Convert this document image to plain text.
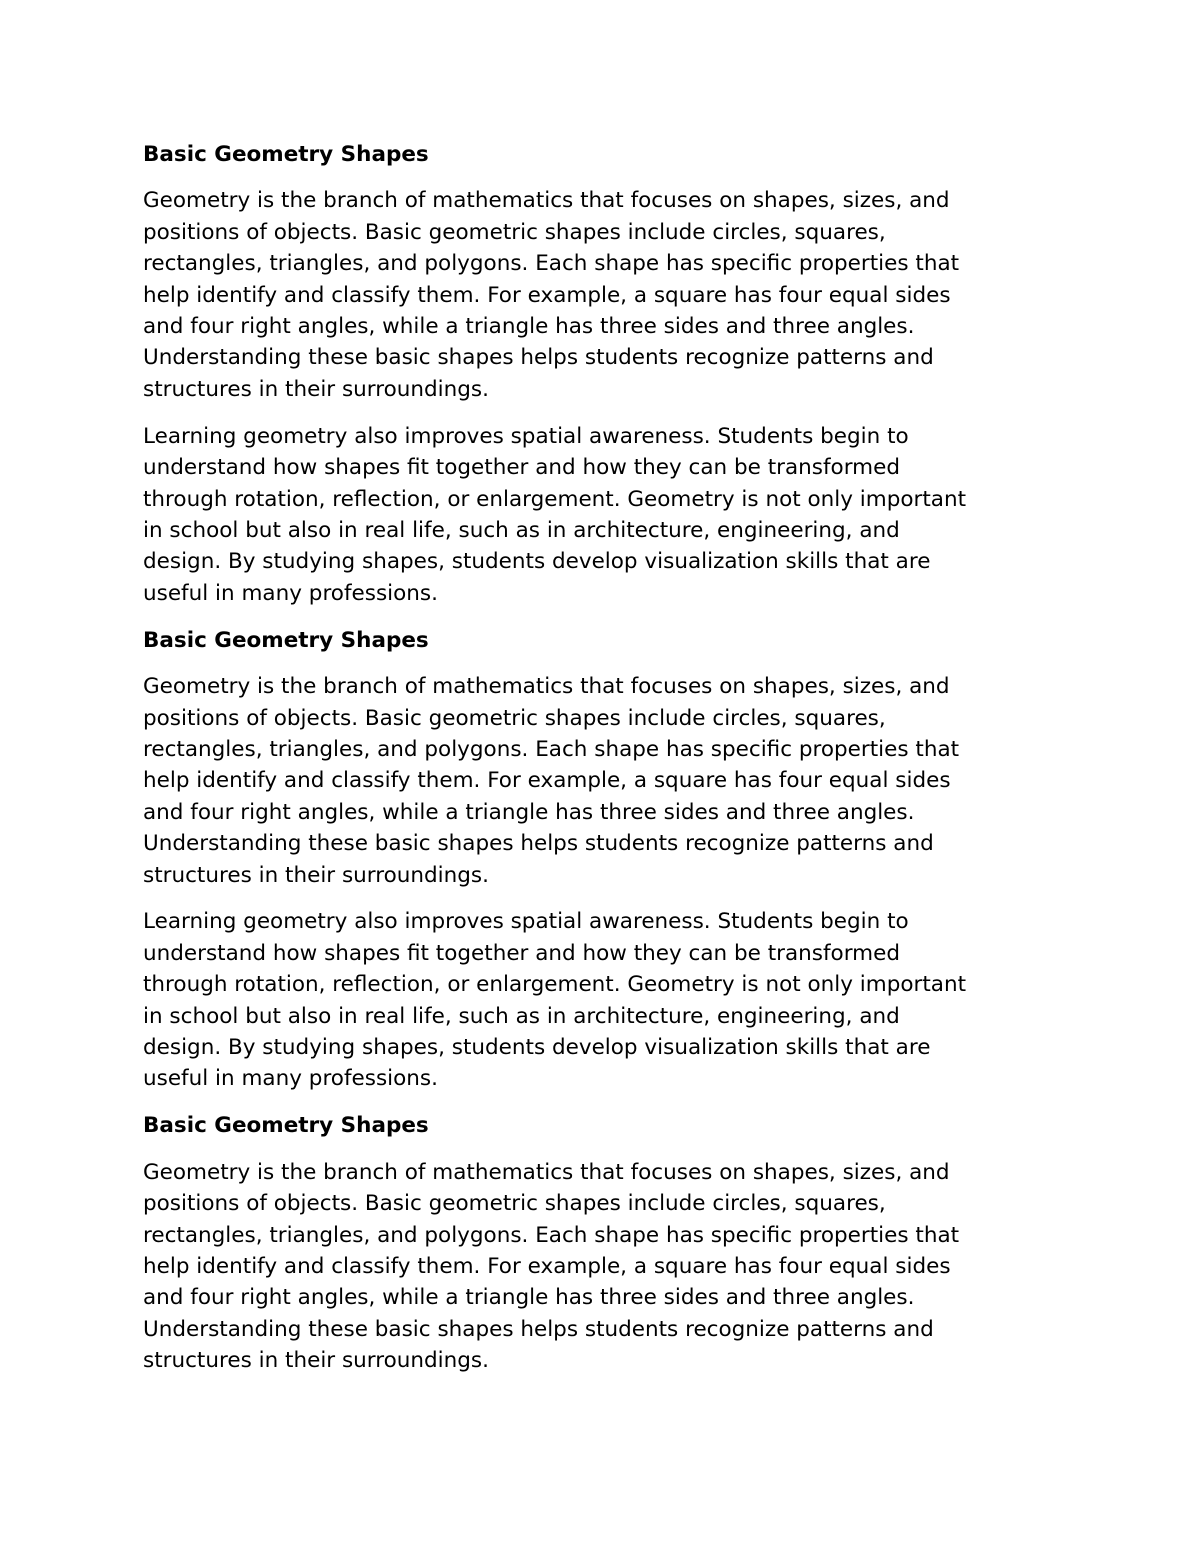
Basic Geometry Shapes
Geometry is the branch of mathematics that focuses on shapes, sizes, and
positions of objects. Basic geometric shapes include circles, squares,
rectangles, triangles, and polygons. Each shape has specific properties that
help identify and classify them. For example, a square has four equal sides
and four right angles, while a triangle has three sides and three angles.
Understanding these basic shapes helps students recognize patterns and
structures in their surroundings.
Learning geometry also improves spatial awareness. Students begin to
understand how shapes fit together and how they can be transformed
through rotation, reflection, or enlargement. Geometry is not only important
in school but also in real life, such as in architecture, engineering, and
design. By studying shapes, students develop visualization skills that are
useful in many professions.
Basic Geometry Shapes
Geometry is the branch of mathematics that focuses on shapes, sizes, and
positions of objects. Basic geometric shapes include circles, squares,
rectangles, triangles, and polygons. Each shape has specific properties that
help identify and classify them. For example, a square has four equal sides
and four right angles, while a triangle has three sides and three angles.
Understanding these basic shapes helps students recognize patterns and
structures in their surroundings.
Learning geometry also improves spatial awareness. Students begin to
understand how shapes fit together and how they can be transformed
through rotation, reflection, or enlargement. Geometry is not only important
in school but also in real life, such as in architecture, engineering, and
design. By studying shapes, students develop visualization skills that are
useful in many professions.
Basic Geometry Shapes
Geometry is the branch of mathematics that focuses on shapes, sizes, and
positions of objects. Basic geometric shapes include circles, squares,
rectangles, triangles, and polygons. Each shape has specific properties that
help identify and classify them. For example, a square has four equal sides
and four right angles, while a triangle has three sides and three angles.
Understanding these basic shapes helps students recognize patterns and
structures in their surroundings.
